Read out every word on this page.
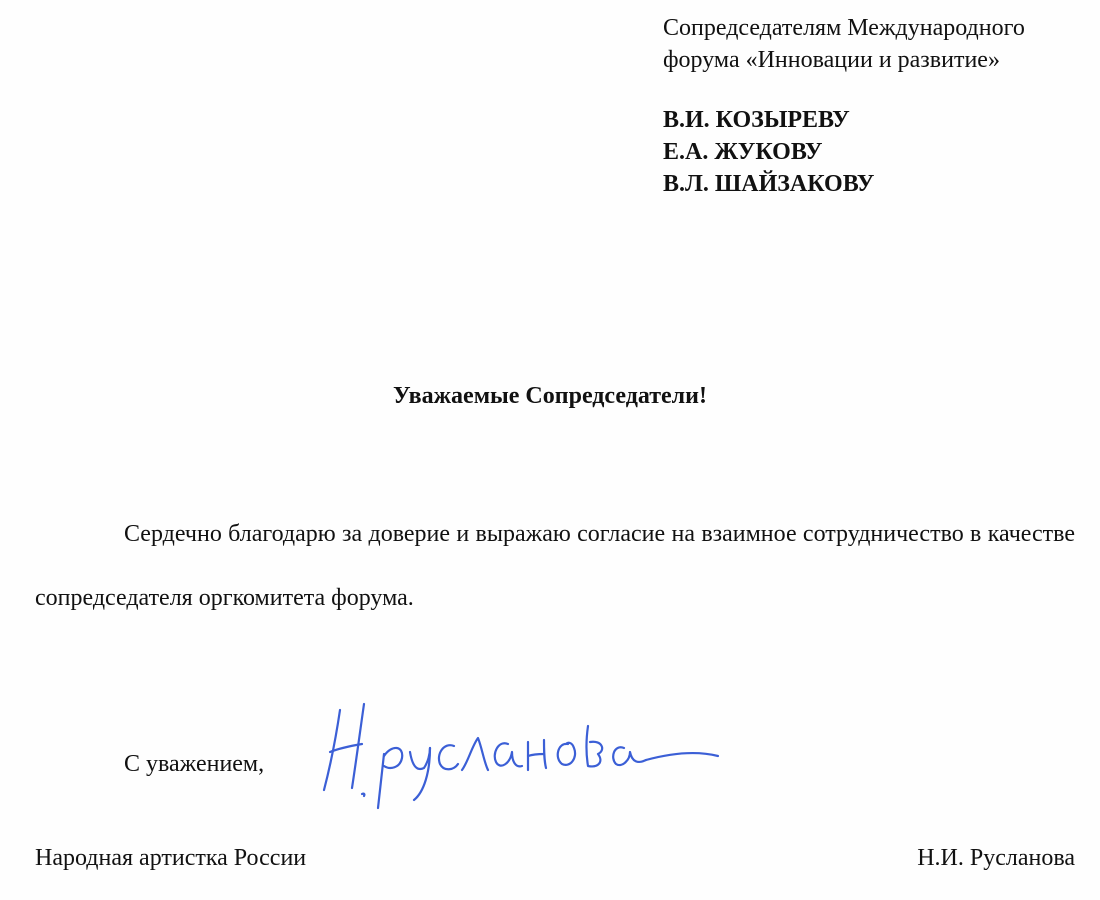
Сопредседателям Международного
форума «Инновации и развитие»
В.И. КОЗЫРЕВУ
Е.А. ЖУКОВУ
В.Л. ШАЙЗАКОВУ
Уважаемые Сопредседатели!
Сердечно благодарю за доверие и выражаю согласие на взаимное сотрудничество в качестве сопредседателя оргкомитета форума.
С уважением,
Народная артистка России	Н.И. Русланова
